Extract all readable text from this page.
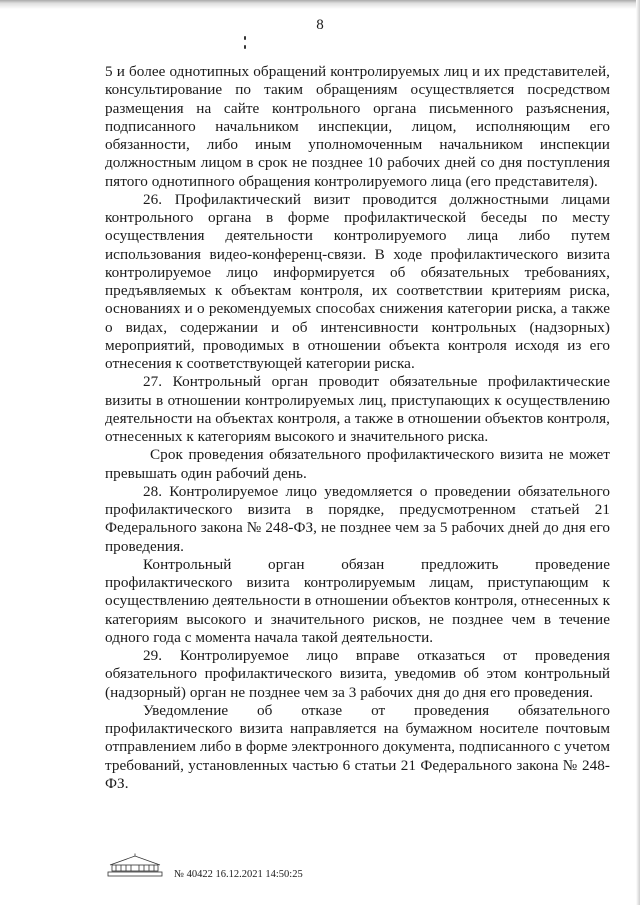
8

5 и более однотипных обращений контролируемых лиц и их представителей, консультирование по таким обращениям осуществляется посредством размещения на сайте контрольного органа письменного разъяснения, подписанного начальником инспекции, лицом, исполняющим его обязанности, либо иным уполномоченным начальником инспекции должностным лицом в срок не позднее 10 рабочих дней со дня поступления пятого однотипного обращения контролируемого лица (его представителя).

26. Профилактический визит проводится должностными лицами контрольного органа в форме профилактической беседы по месту осуществления деятельности контролируемого лица либо путем использования видео-конференц-связи. В ходе профилактического визита контролируемое лицо информируется об обязательных требованиях, предъявляемых к объектам контроля, их соответствии критериям риска, основаниях и о рекомендуемых способах снижения категории риска, а также о видах, содержании и об интенсивности контрольных (надзорных) мероприятий, проводимых в отношении объекта контроля исходя из его отнесения к соответствующей категории риска.

27. Контрольный орган проводит обязательные профилактические визиты в отношении контролируемых лиц, приступающих к осуществлению деятельности на объектах контроля, а также в отношении объектов контроля, отнесенных к категориям высокого и значительного риска.

Срок проведения обязательного профилактического визита не может превышать один рабочий день.

28. Контролируемое лицо уведомляется о проведении обязательного профилактического визита в порядке, предусмотренном статьей 21 Федерального закона № 248-ФЗ, не позднее чем за 5 рабочих дней до дня его проведения.

Контрольный орган обязан предложить проведение профилактического визита контролируемым лицам, приступающим к осуществлению деятельности в отношении объектов контроля, отнесенных к категориям высокого и значительного рисков, не позднее чем в течение одного года с момента начала такой деятельности.

29. Контролируемое лицо вправе отказаться от проведения обязательного профилактического визита, уведомив об этом контрольный (надзорный) орган не позднее чем за 3 рабочих дня до дня его проведения.

Уведомление об отказе от проведения обязательного профилактического визита направляется на бумажном носителе почтовым отправлением либо в форме электронного документа, подписанного с учетом требований, установленных частью 6 статьи 21 Федерального закона № 248-ФЗ.

№ 40422 16.12.2021 14:50:25
